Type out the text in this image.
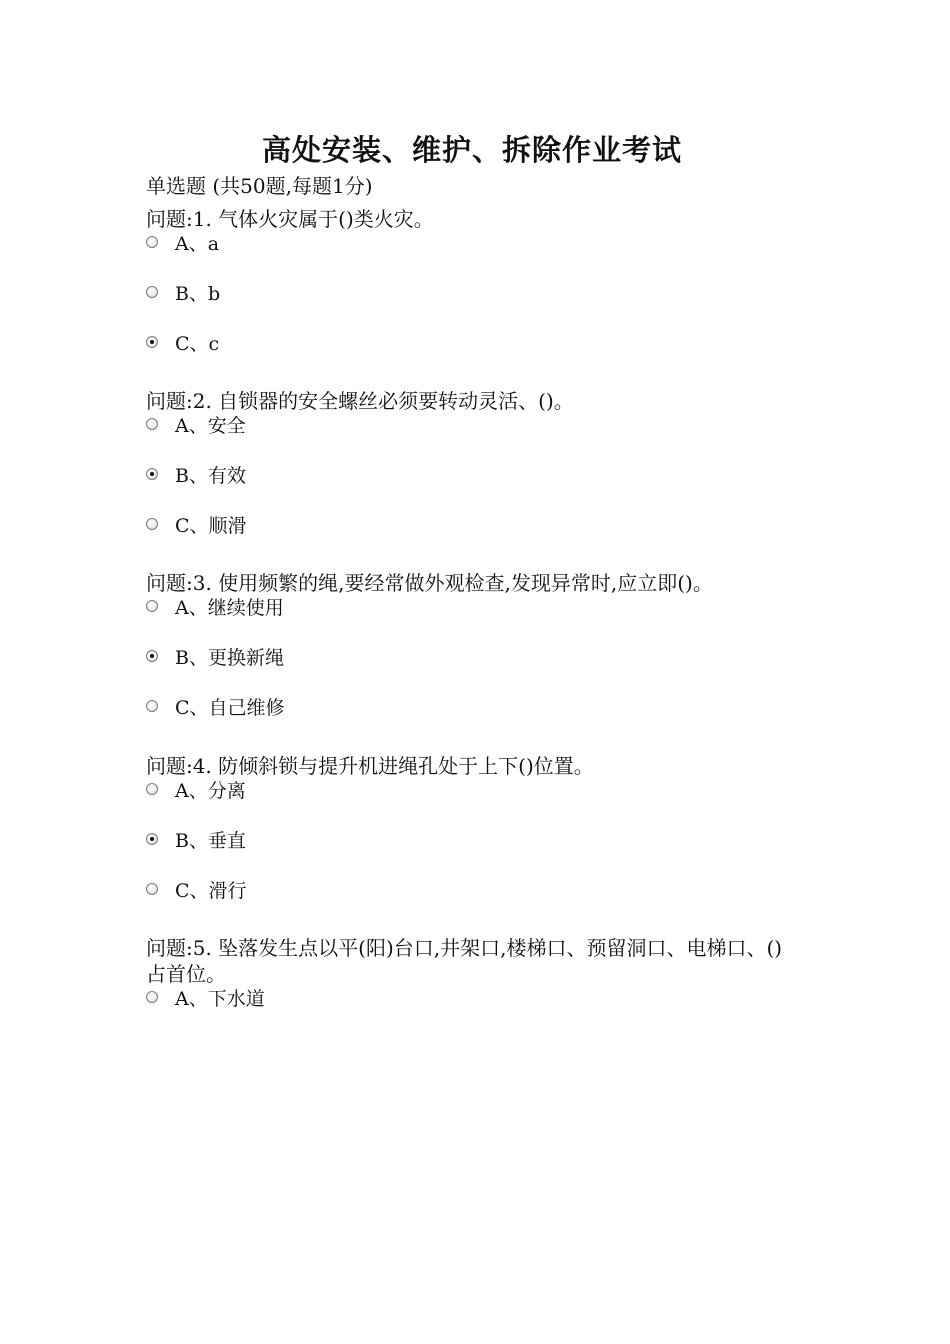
高处安装、维护、拆除作业考试
单选题 (共50题,每题1分)

问题:1. 气体火灾属于()类火灾。

A、a
B、b
C、c

问题:2. 自锁器的安全螺丝必须要转动灵活、()。

A、安全
B、有效
C、顺滑

问题:3. 使用频繁的绳,要经常做外观检查,发现异常时,应立即()。

A、继续使用
B、更换新绳
C、自己维修

问题:4. 防倾斜锁与提升机进绳孔处于上下()位置。

A、分离
B、垂直
C、滑行

问题:5. 坠落发生点以平(阳)台口,井架口,楼梯口、预留洞口、电梯口、()占首位。

A、下水道
